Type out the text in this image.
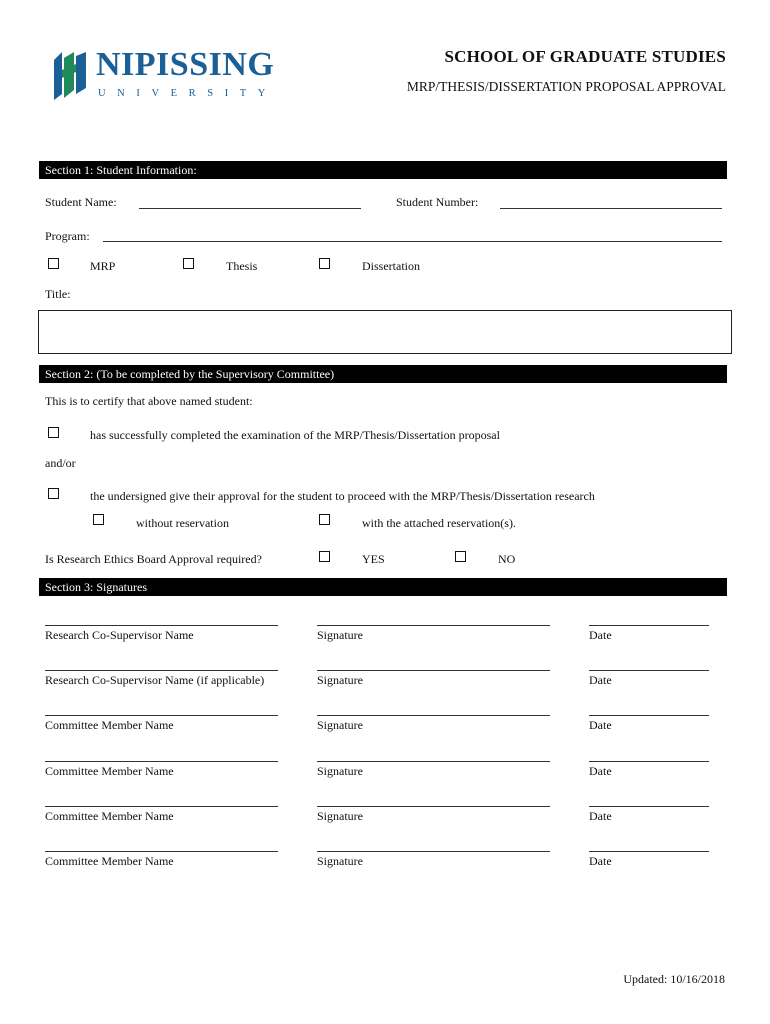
NIPISSING
UNIVERSITY
SCHOOL OF GRADUATE STUDIES
MRP/THESIS/DISSERTATION PROPOSAL APPROVAL
Section 1: Student Information:
Student Name:	Student Number:
Program:
MRP	Thesis	Dissertation
Title:
Section 2: (To be completed by the Supervisory Committee)
This is to certify that above named student:
has successfully completed the examination of the MRP/Thesis/Dissertation proposal
and/or
the undersigned give their approval for the student to proceed with the MRP/Thesis/Dissertation research
without reservation	with the attached reservation(s).
Is Research Ethics Board Approval required?	YES	NO
Section 3: Signatures
Research Co-Supervisor Name	Signature	Date
Research Co-Supervisor Name (if applicable)	Signature	Date
Committee Member Name	Signature	Date
Committee Member Name	Signature	Date
Committee Member Name	Signature	Date
Committee Member Name	Signature	Date
Updated: 10/16/2018
